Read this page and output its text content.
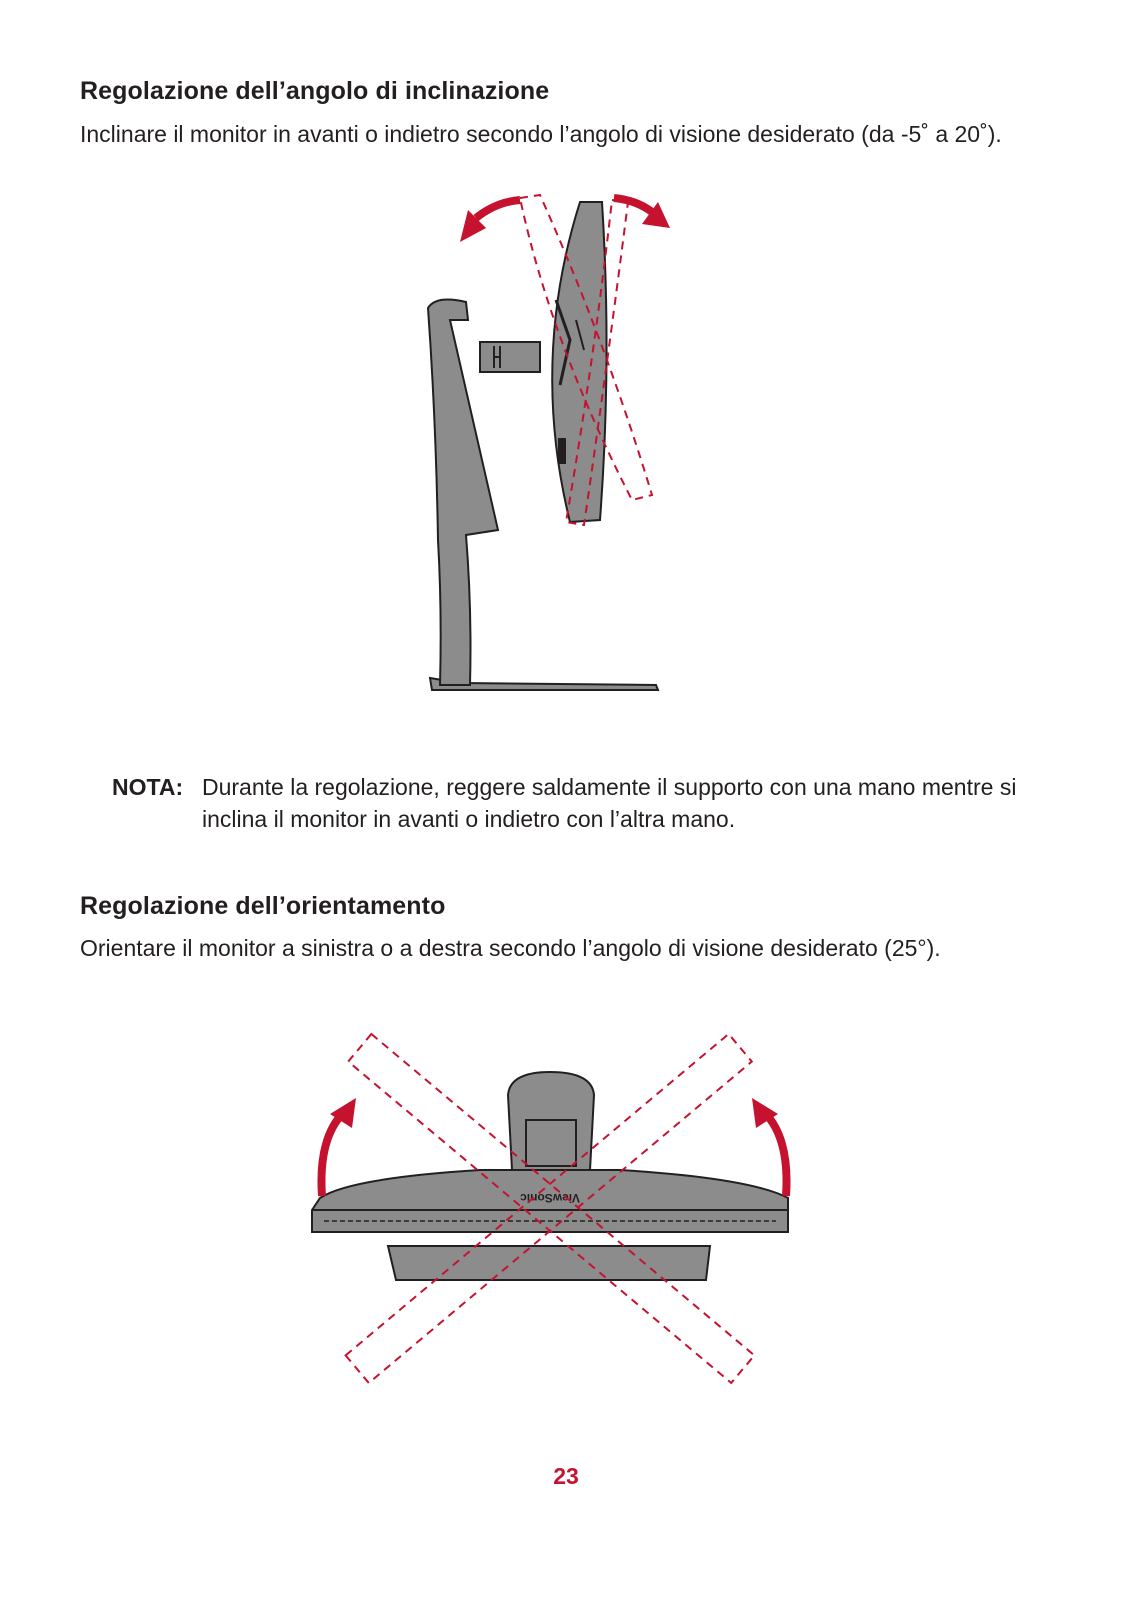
Regolazione dell’angolo di inclinazione

Inclinare il monitor in avanti o indietro secondo l’angolo di visione desiderato (da -5˚ a 20˚).

NOTA: Durante la regolazione, reggere saldamente il supporto con una mano mentre si inclina il monitor in avanti o indietro con l’altra mano.
Regolazione dell’orientamento

Orientare il monitor a sinistra o a destra secondo l’angolo di visione desiderato (25°).

ViewSonic
23
